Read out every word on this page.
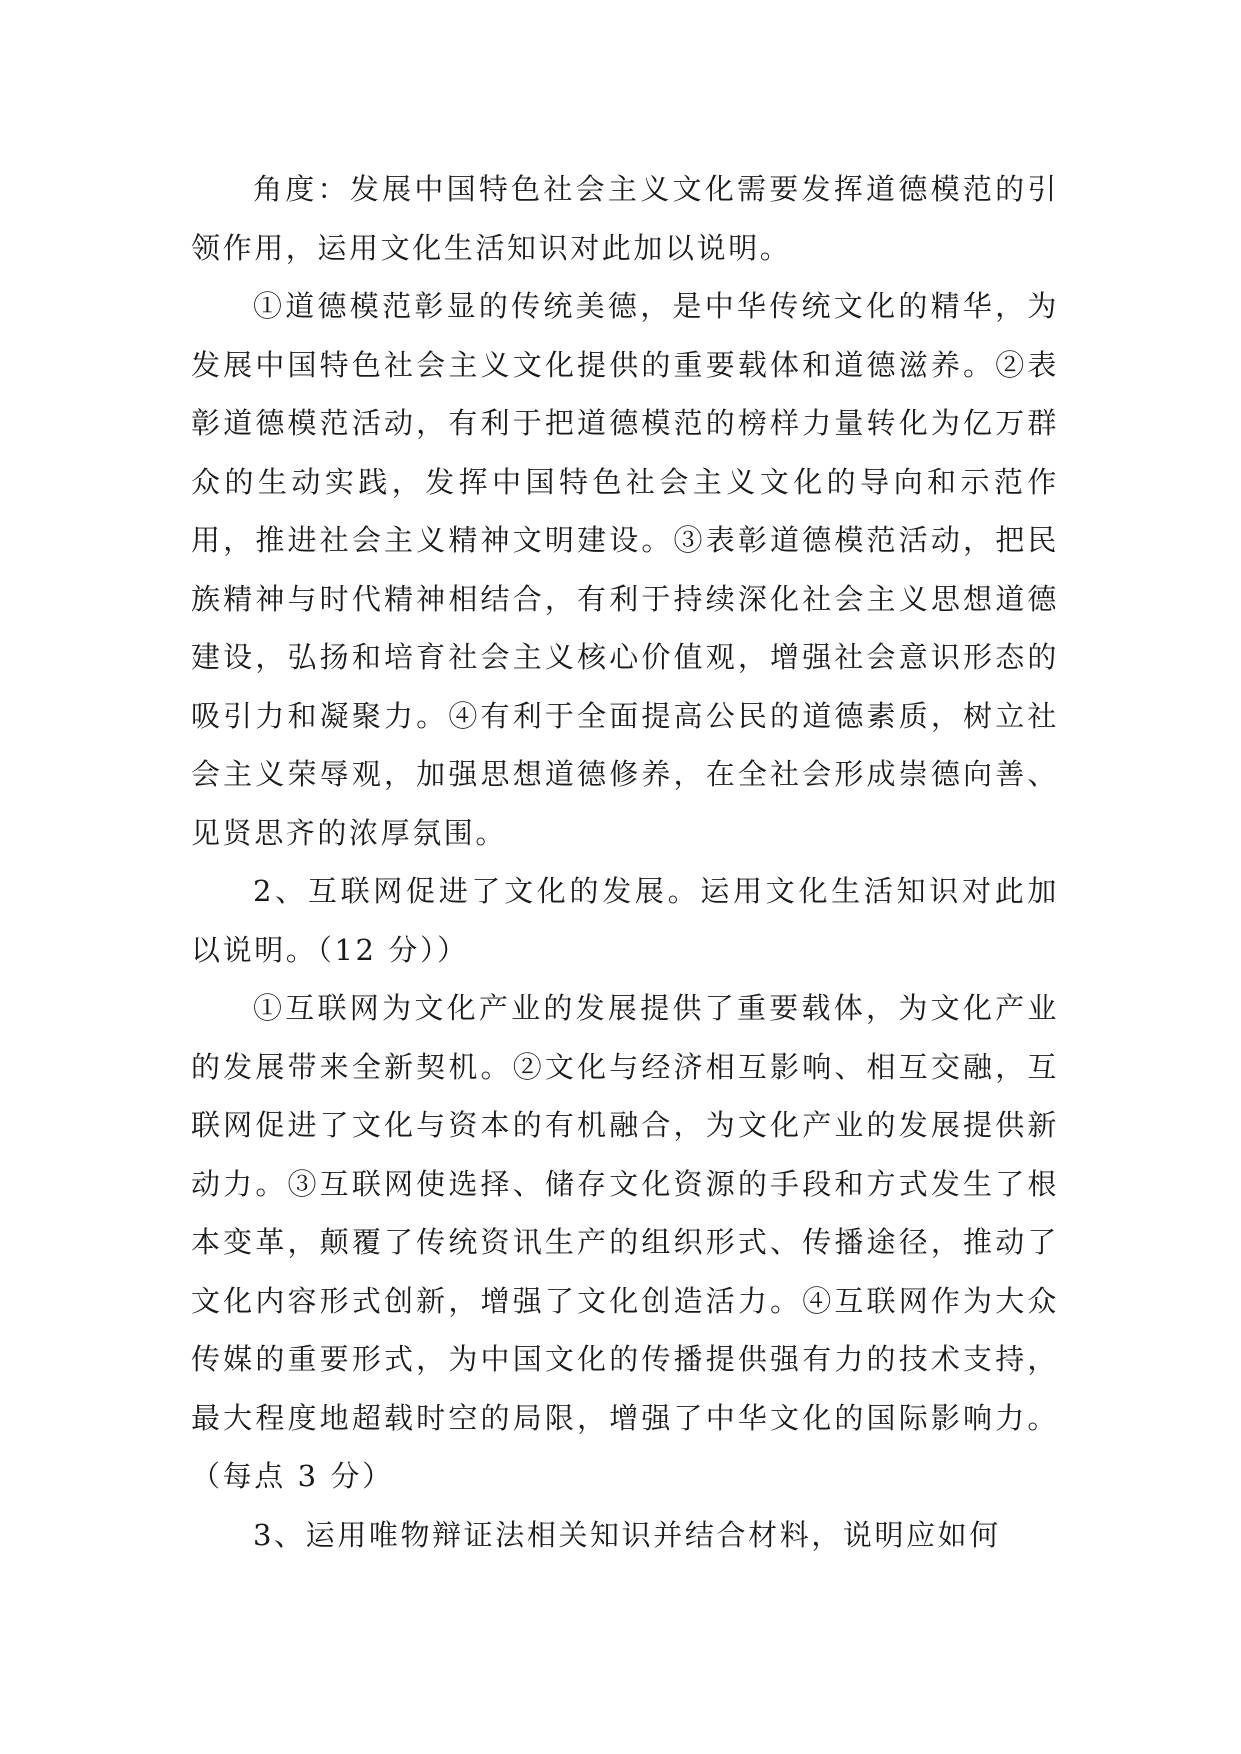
角度：发展中国特色社会主义文化需要发挥道德模范的引领作用，运用文化生活知识对此加以说明。

①道德模范彰显的传统美德，是中华传统文化的精华，为发展中国特色社会主义文化提供的重要载体和道德滋养。②表彰道德模范活动，有利于把道德模范的榜样力量转化为亿万群众的生动实践，发挥中国特色社会主义文化的导向和示范作用，推进社会主义精神文明建设。③表彰道德模范活动，把民族精神与时代精神相结合，有利于持续深化社会主义思想道德建设，弘扬和培育社会主义核心价值观，增强社会意识形态的吸引力和凝聚力。④有利于全面提高公民的道德素质，树立社会主义荣辱观，加强思想道德修养，在全社会形成崇德向善、见贤思齐的浓厚氛围。

2、互联网促进了文化的发展。运用文化生活知识对此加以说明。（12 分））

①互联网为文化产业的发展提供了重要载体，为文化产业的发展带来全新契机。②文化与经济相互影响、相互交融，互联网促进了文化与资本的有机融合，为文化产业的发展提供新动力。③互联网使选择、储存文化资源的手段和方式发生了根本变革，颠覆了传统资讯生产的组织形式、传播途径，推动了文化内容形式创新，增强了文化创造活力。④互联网作为大众传媒的重要形式，为中国文化的传播提供强有力的技术支持，最大程度地超载时空的局限，增强了中华文化的国际影响力。（每点 3 分）

3、运用唯物辩证法相关知识并结合材料，说明应如何
